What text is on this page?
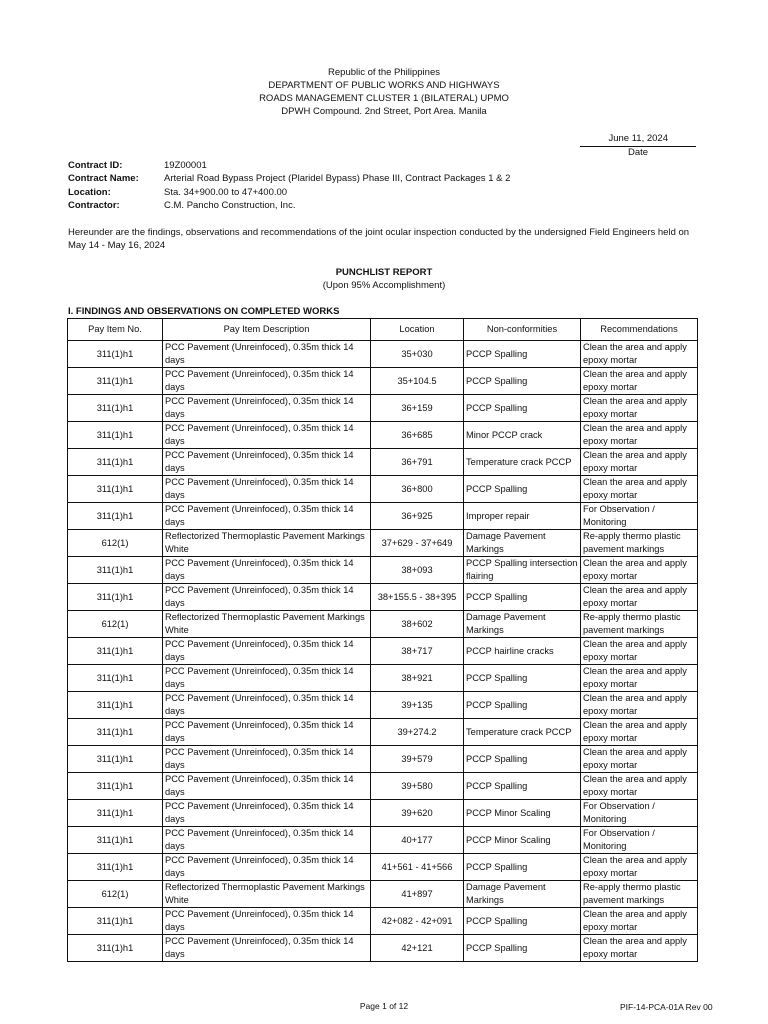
Republic of the Philippines
DEPARTMENT OF PUBLIC WORKS AND HIGHWAYS
ROADS MANAGEMENT CLUSTER 1 (BILATERAL) UPMO
DPWH Compound. 2nd Street, Port Area. Manila
June 11, 2024
Date
Contract ID:	19Z00001
Contract Name:	Arterial Road Bypass Project (Plaridel Bypass) Phase III, Contract Packages 1 & 2
Location:	Sta. 34+900.00 to 47+400.00
Contractor:	C.M. Pancho Construction, Inc.
Hereunder are the findings, observations and recommendations of the joint ocular inspection conducted by the undersigned Field Engineers held on May 14 - May 16, 2024
PUNCHLIST REPORT
(Upon 95% Accomplishment)
I. FINDINGS AND OBSERVATIONS ON COMPLETED WORKS
Pay Item No.	Pay Item Description	Location	Non-conformities	Recommendations
311(1)h1	PCC Pavement (Unreinfoced), 0.35m thick 14 days	35+030	PCCP Spalling	Clean the area and apply epoxy mortar
311(1)h1	PCC Pavement (Unreinfoced), 0.35m thick 14 days	35+104.5	PCCP Spalling	Clean the area and apply epoxy mortar
311(1)h1	PCC Pavement (Unreinfoced), 0.35m thick 14 days	36+159	PCCP Spalling	Clean the area and apply epoxy mortar
311(1)h1	PCC Pavement (Unreinfoced), 0.35m thick 14 days	36+685	Minor PCCP crack	Clean the area and apply epoxy mortar
311(1)h1	PCC Pavement (Unreinfoced), 0.35m thick 14 days	36+791	Temperature crack PCCP	Clean the area and apply epoxy mortar
311(1)h1	PCC Pavement (Unreinfoced), 0.35m thick 14 days	36+800	PCCP Spalling	Clean the area and apply epoxy mortar
311(1)h1	PCC Pavement (Unreinfoced), 0.35m thick 14 days	36+925	Improper repair	For Observation / Monitoring
612(1)	Reflectorized Thermoplastic Pavement Markings White	37+629 - 37+649	Damage Pavement Markings	Re-apply thermo plastic pavement markings
311(1)h1	PCC Pavement (Unreinfoced), 0.35m thick 14 days	38+093	PCCP Spalling intersection flairing	Clean the area and apply epoxy mortar
311(1)h1	PCC Pavement (Unreinfoced), 0.35m thick 14 days	38+155.5 - 38+395	PCCP Spalling	Clean the area and apply epoxy mortar
612(1)	Reflectorized Thermoplastic Pavement Markings White	38+602	Damage Pavement Markings	Re-apply thermo plastic pavement markings
311(1)h1	PCC Pavement (Unreinfoced), 0.35m thick 14 days	38+717	PCCP hairline cracks	Clean the area and apply epoxy mortar
311(1)h1	PCC Pavement (Unreinfoced), 0.35m thick 14 days	38+921	PCCP Spalling	Clean the area and apply epoxy mortar
311(1)h1	PCC Pavement (Unreinfoced), 0.35m thick 14 days	39+135	PCCP Spalling	Clean the area and apply epoxy mortar
311(1)h1	PCC Pavement (Unreinfoced), 0.35m thick 14 days	39+274.2	Temperature crack PCCP	Clean the area and apply epoxy mortar
311(1)h1	PCC Pavement (Unreinfoced), 0.35m thick 14 days	39+579	PCCP Spalling	Clean the area and apply epoxy mortar
311(1)h1	PCC Pavement (Unreinfoced), 0.35m thick 14 days	39+580	PCCP Spalling	Clean the area and apply epoxy mortar
311(1)h1	PCC Pavement (Unreinfoced), 0.35m thick 14 days	39+620	PCCP Minor Scaling	For Observation / Monitoring
311(1)h1	PCC Pavement (Unreinfoced), 0.35m thick 14 days	40+177	PCCP Minor Scaling	For Observation / Monitoring
311(1)h1	PCC Pavement (Unreinfoced), 0.35m thick 14 days	41+561 - 41+566	PCCP Spalling	Clean the area and apply epoxy mortar
612(1)	Reflectorized Thermoplastic Pavement Markings White	41+897	Damage Pavement Markings	Re-apply thermo plastic pavement markings
311(1)h1	PCC Pavement (Unreinfoced), 0.35m thick 14 days	42+082 - 42+091	PCCP Spalling	Clean the area and apply epoxy mortar
311(1)h1	PCC Pavement (Unreinfoced), 0.35m thick 14 days	42+121	PCCP Spalling	Clean the area and apply epoxy mortar
Page 1 of 12	PIF-14-PCA-01A Rev 00
